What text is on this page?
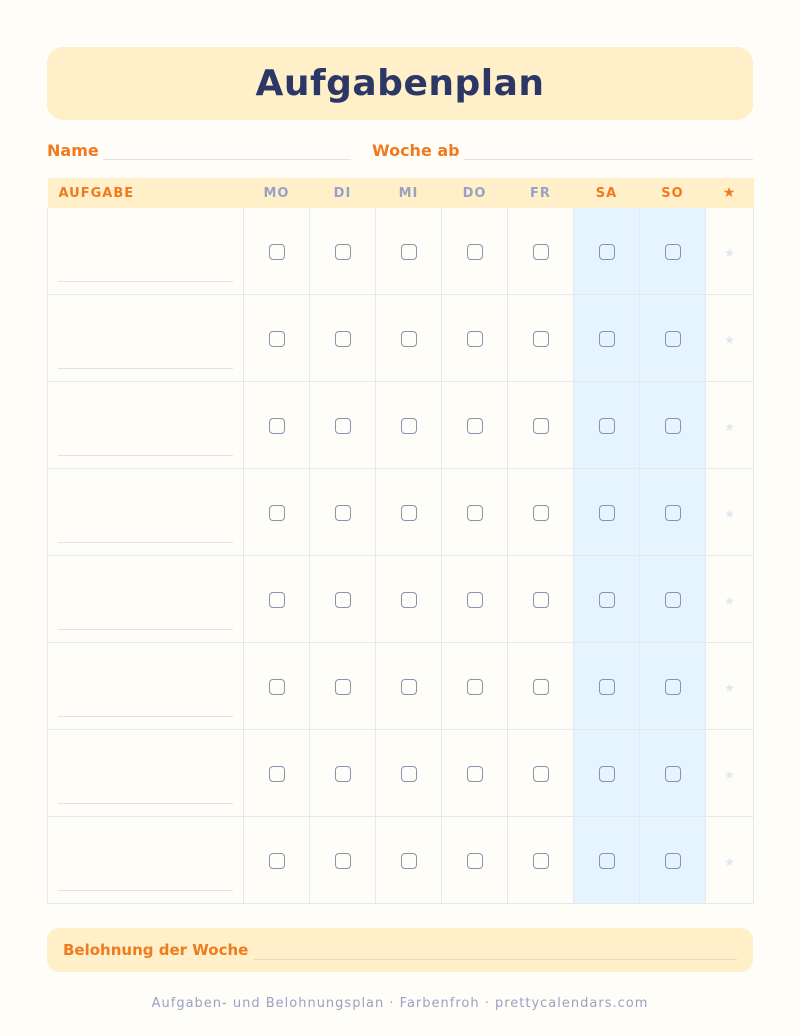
Aufgabenplan
Name	Woche ab
AUFGABE	MO	DI	MI	DO	FR	SA	SO	★

								★

								★

								★

								★

								★

								★

								★

								★
Belohnung der Woche
Aufgaben- und Belohnungsplan · Farbenfroh · prettycalendars.com
